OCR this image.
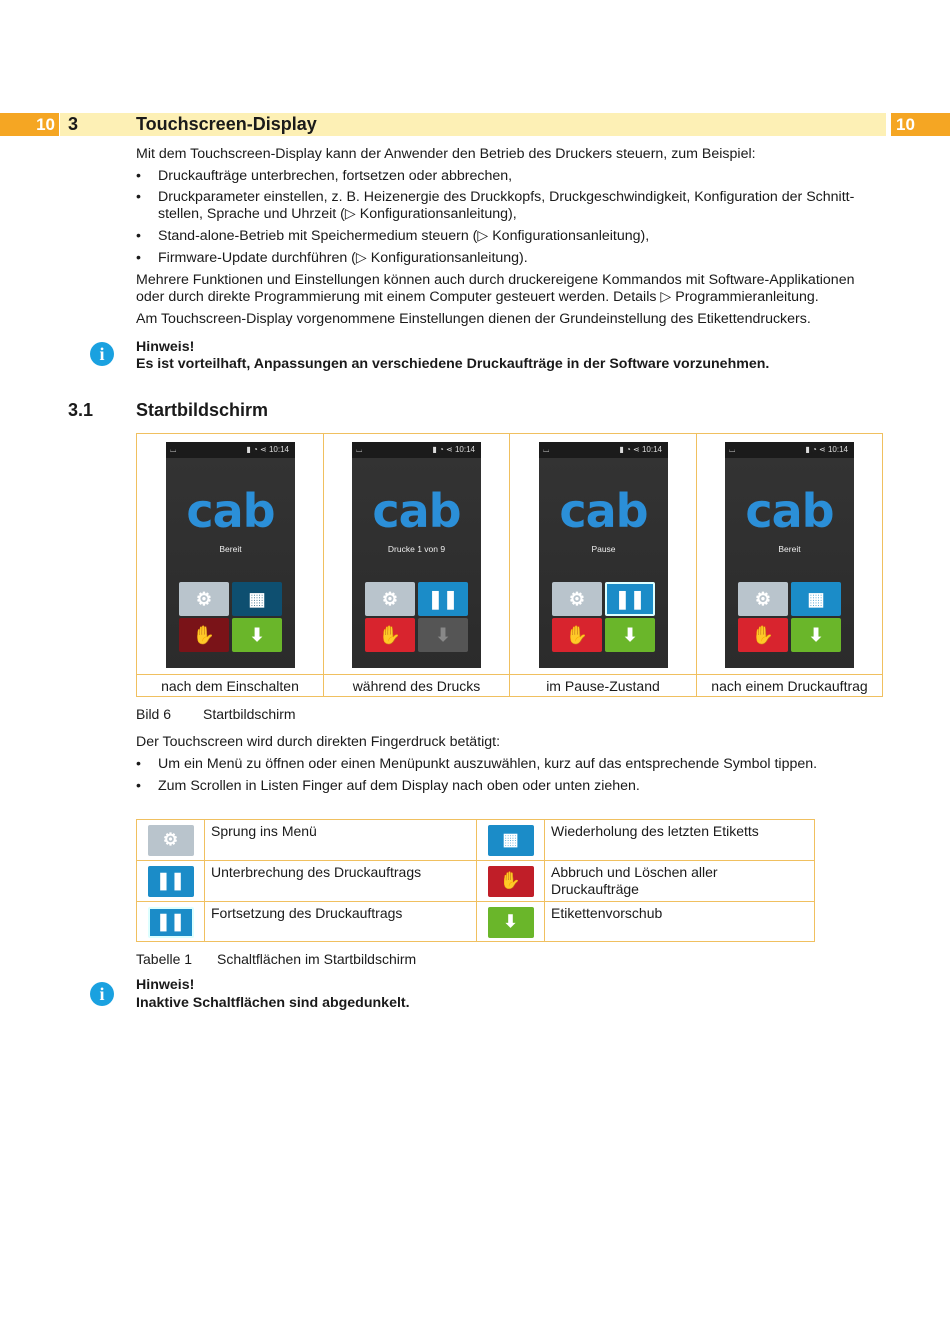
10	10
3	Touchscreen-Display
Mit dem Touchscreen-Display kann der Anwender den Betrieb des Druckers steuern, zum Beispiel:
• Druckaufträge unterbrechen, fortsetzen oder abbrechen,
• Druckparameter einstellen, z. B. Heizenergie des Druckkopfs, Druckgeschwindigkeit, Konfiguration der Schnitt-
stellen, Sprache und Uhrzeit (▷ Konfigurationsanleitung),
• Stand-alone-Betrieb mit Speichermedium steuern (▷ Konfigurationsanleitung),
• Firmware-Update durchführen (▷ Konfigurationsanleitung).
Mehrere Funktionen und Einstellungen können auch durch druckereigene Kommandos mit Software-Applikationen
oder durch direkte Programmierung mit einem Computer gesteuert werden. Details ▷ Programmieranleitung.
Am Touchscreen-Display vorgenommene Einstellungen dienen der Grundeinstellung des Etikettendruckers.
i	Hinweis!
Es ist vorteilhaft, Anpassungen an verschiedene Druckaufträge in der Software vorzunehmen.
3.1 Startbildschirm
⌴	▮ ◔ ⋖ 10:14
cab
Bereit
⚙ ▦
✋ ⬇
⌴	▮ ◔ ⋖ 10:14
cab
Drucke 1 von 9
⚙ ❚❚
✋ ⬇
⌴	▮ ◔ ⋖ 10:14
cab
Pause
⚙ ❚❚
✋ ⬇
⌴	▮ ◔ ⋖ 10:14
cab
Bereit
⚙ ▦
✋ ⬇
nach dem Einschalten	während des Drucks	im Pause-Zustand	nach einem Druckauftrag
Bild 6 Startbildschirm
Der Touchscreen wird durch direkten Fingerdruck betätigt:
• Um ein Menü zu öffnen oder einen Menüpunkt auszuwählen, kurz auf das entsprechende Symbol tippen.
• Zum Scrollen in Listen Finger auf dem Display nach oben oder unten ziehen.
⚙	Sprung ins Menü	▦	Wiederholung des letzten Etiketts
❚❚	Unterbrechung des Druckauftrags	✋	Abbruch und Löschen aller
Druckaufträge
❚❚	Fortsetzung des Druckauftrags	⬇	Etikettenvorschub
Tabelle 1 Schaltflächen im Startbildschirm
i	Hinweis!
Inaktive Schaltflächen sind abgedunkelt.
